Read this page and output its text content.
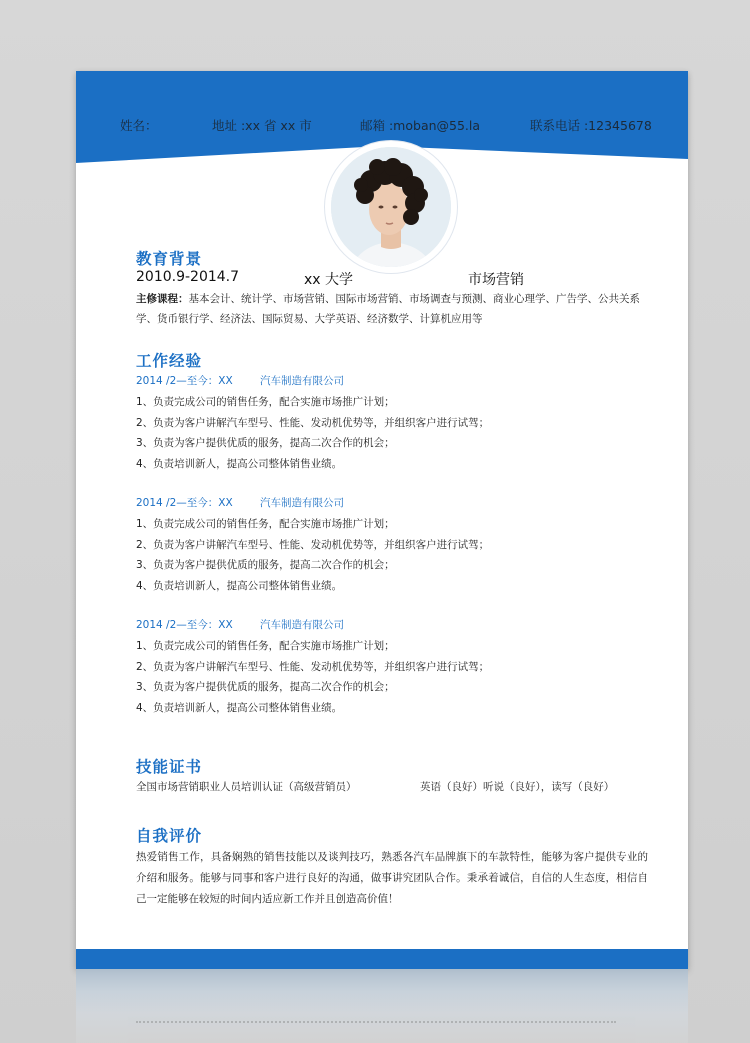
姓名：	地址 :xx 省 xx 市	邮箱 :moban@55.la	联系电话 :12345678
教育背景
2010.9-2014.7	xx 大学	市场营销
主修课程：基本会计、统计学、市场营销、国际市场营销、市场调查与预测、商业心理学、广告学、公共关系学、货币银行学、经济法、国际贸易、大学英语、经济数学、计算机应用等
工作经验
2014 /2—至今：XX	汽车制造有限公司
1、负责完成公司的销售任务，配合实施市场推广计划；
2、负责为客户讲解汽车型号、性能、发动机优势等，并组织客户进行试驾；
3、负责为客户提供优质的服务，提高二次合作的机会；
4、负责培训新人，提高公司整体销售业绩。
2014 /2—至今：XX	汽车制造有限公司
1、负责完成公司的销售任务，配合实施市场推广计划；
2、负责为客户讲解汽车型号、性能、发动机优势等，并组织客户进行试驾；
3、负责为客户提供优质的服务，提高二次合作的机会；
4、负责培训新人，提高公司整体销售业绩。
2014 /2—至今：XX	汽车制造有限公司
1、负责完成公司的销售任务，配合实施市场推广计划；
2、负责为客户讲解汽车型号、性能、发动机优势等，并组织客户进行试驾；
3、负责为客户提供优质的服务，提高二次合作的机会；
4、负责培训新人，提高公司整体销售业绩。
技能证书
全国市场营销职业人员培训认证（高级营销员）	英语（良好）听说（良好），读写（良好）
自我评价
热爱销售工作，具备娴熟的销售技能以及谈判技巧，熟悉各汽车品牌旗下的车款特性，能够为客户提供专业的介绍和服务。能够与同事和客户进行良好的沟通，做事讲究团队合作。秉承着诚信，自信的人生态度，相信自己一定能够在较短的时间内适应新工作并且创造高价值！
